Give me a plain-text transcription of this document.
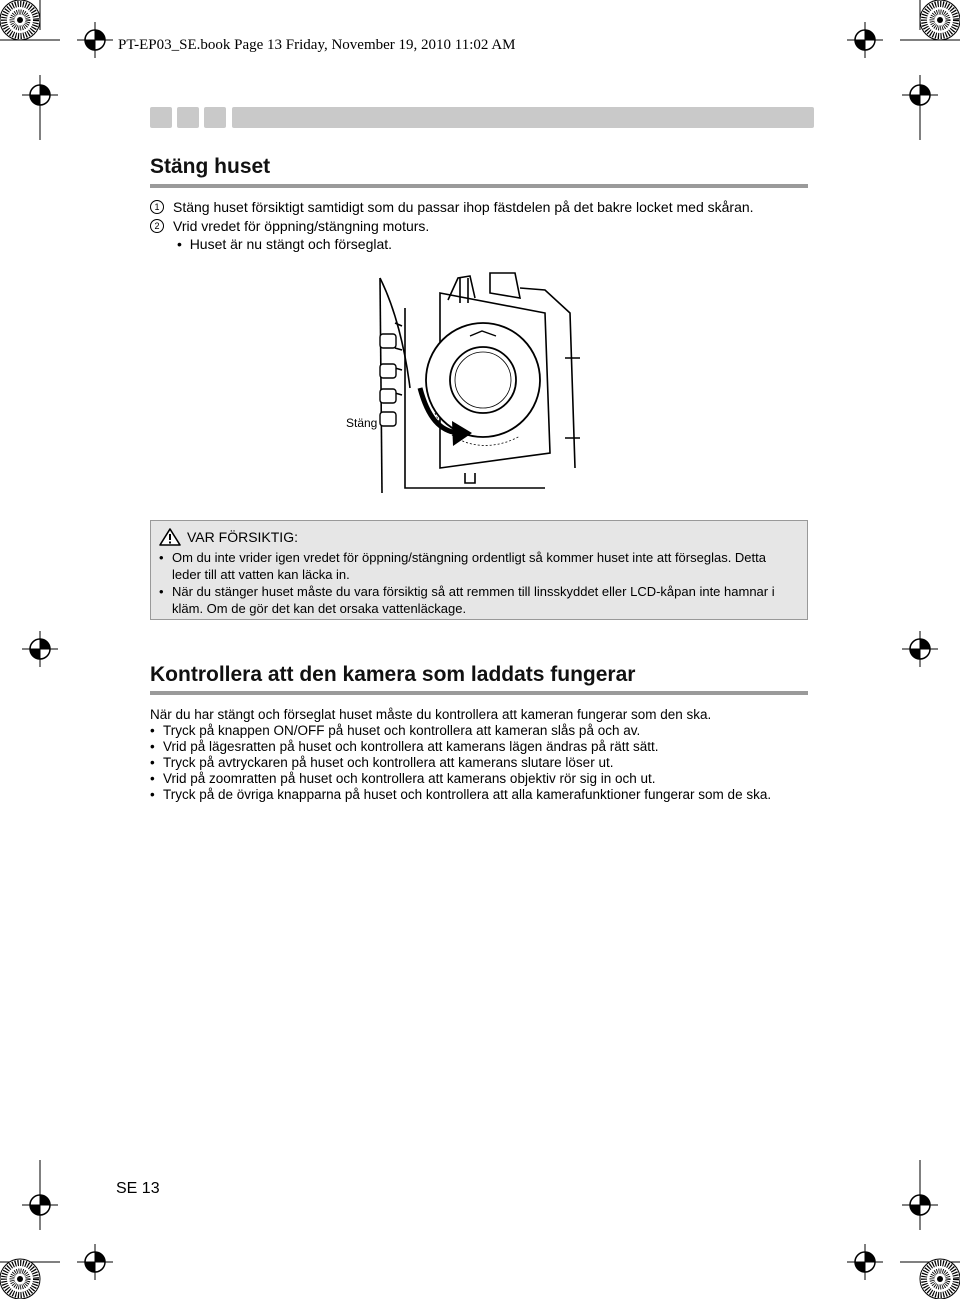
PT-EP03_SE.book Page 13 Friday, November 19, 2010 11:02 AM
Stäng huset
1 Stäng huset försiktigt samtidigt som du passar ihop fästdelen på det bakre locket med skåran.
2 Vrid vredet för öppning/stängning moturs.
•  Huset är nu stängt och förseglat.
Stäng
VAR FÖRSIKTIG:
• Om du inte vrider igen vredet för öppning/stängning ordentligt så kommer huset inte att förseglas. Detta
leder till att vatten kan läcka in.
• När du stänger huset måste du vara försiktig så att remmen till linsskyddet eller LCD-kåpan inte hamnar i
kläm. Om de gör det kan det orsaka vattenläckage.
Kontrollera att den kamera som laddats fungerar
När du har stängt och förseglat huset måste du kontrollera att kameran fungerar som den ska.
• Tryck på knappen ON/OFF på huset och kontrollera att kameran slås på och av.
• Vrid på lägesratten på huset och kontrollera att kamerans lägen ändras på rätt sätt.
• Tryck på avtryckaren på huset och kontrollera att kamerans slutare löser ut.
• Vrid på zoomratten på huset och kontrollera att kamerans objektiv rör sig in och ut.
• Tryck på de övriga knapparna på huset och kontrollera att alla kamerafunktioner fungerar som de ska.
SE 13
